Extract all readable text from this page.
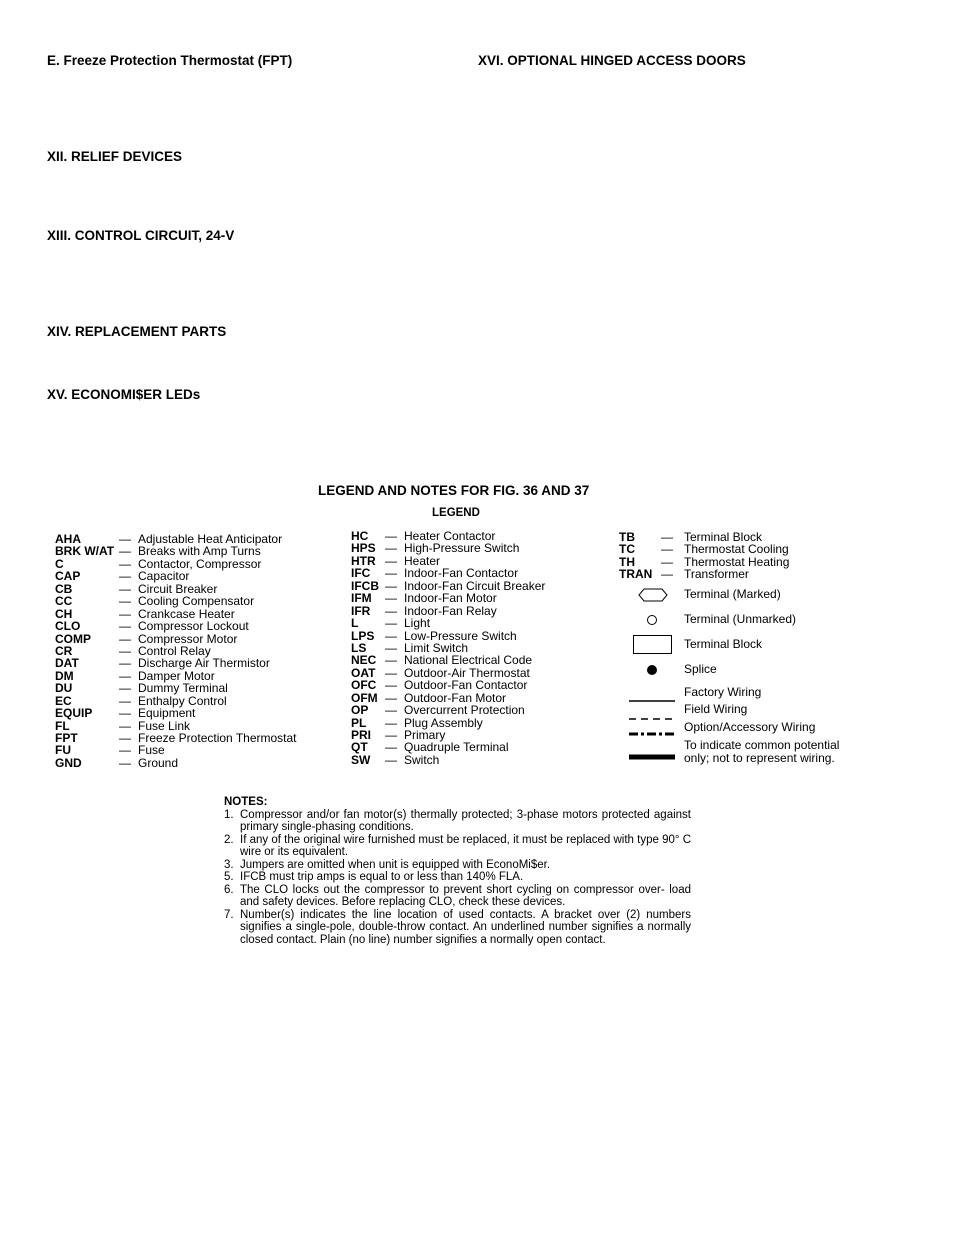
E. Freeze Protection Thermostat (FPT)	XVI. OPTIONAL HINGED ACCESS DOORS
XII. RELIEF DEVICES
XIII. CONTROL CIRCUIT, 24-V
XIV. REPLACEMENT PARTS
XV. ECONOMI$ER LEDs
LEGEND AND NOTES FOR FIG. 36 AND 37
LEGEND
AHA	— Adjustable Heat Anticipator
BRK W/AT — Breaks with Amp Turns
C	— Contactor, Compressor
CAP	— Capacitor
CB	— Circuit Breaker
CC	— Cooling Compensator
CH	— Crankcase Heater
CLO	— Compressor Lockout
COMP — Compressor Motor
CR	— Control Relay
DAT	— Discharge Air Thermistor
DM	— Damper Motor
DU	— Dummy Terminal
EC	— Enthalpy Control
EQUIP — Equipment
FL	— Fuse Link
FPT	— Freeze Protection Thermostat
FU	— Fuse
GND	— Ground
HC — Heater Contactor
HPS — High-Pressure Switch
HTR — Heater
IFC — Indoor-Fan Contactor
IFCB — Indoor-Fan Circuit Breaker
IFM — Indoor-Fan Motor
IFR — Indoor-Fan Relay
L — Light
LPS — Low-Pressure Switch
LS — Limit Switch
NEC — National Electrical Code
OAT — Outdoor-Air Thermostat
OFC — Outdoor-Fan Contactor
OFM — Outdoor-Fan Motor
OP — Overcurrent Protection
PL — Plug Assembly
PRI — Primary
QT — Quadruple Terminal
SW — Switch
TB — Terminal Block
TC — Thermostat Cooling
TH — Thermostat Heating
TRAN — Transformer
Terminal (Marked)
Terminal (Unmarked)
Terminal Block
Splice
Factory Wiring
Field Wiring
Option/Accessory Wiring
To indicate common potential
only; not to represent wiring.
NOTES:
1. Compressor and/or fan motor(s) thermally protected; 3-phase motors protected against primary single-phasing conditions.
2. If any of the original wire furnished must be replaced, it must be replaced with type 90° C wire or its equivalent.
3. Jumpers are omitted when unit is equipped with EconoMi$er.
5. IFCB must trip amps is equal to or less than 140% FLA.
6. The CLO locks out the compressor to prevent short cycling on compressor over- load and safety devices. Before replacing CLO, check these devices.
7. Number(s) indicates the line location of used contacts. A bracket over (2) numbers signifies a single-pole, double-throw contact. An underlined number signifies a normally closed contact. Plain (no line) number signifies a normally open contact.
